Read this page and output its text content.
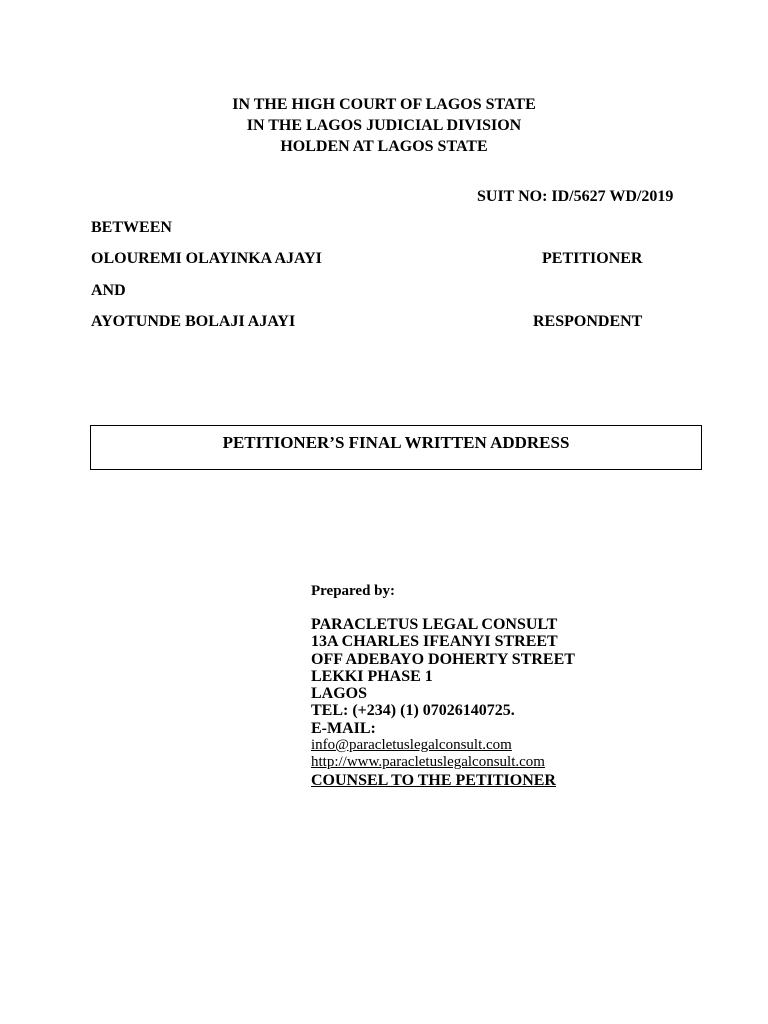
IN THE HIGH COURT OF LAGOS STATE
IN THE LAGOS JUDICIAL DIVISION
HOLDEN AT LAGOS STATE
SUIT NO: ID/5627 WD/2019
BETWEEN
OLOUREMI OLAYINKA AJAYI	PETITIONER
AND
AYOTUNDE BOLAJI AJAYI	RESPONDENT
PETITIONER’S FINAL WRITTEN ADDRESS
Prepared by:
PARACLETUS LEGAL CONSULT
13A CHARLES IFEANYI STREET
OFF ADEBAYO DOHERTY STREET
LEKKI PHASE 1
LAGOS
TEL: (+234) (1) 07026140725.
E-MAIL:
info@paracletuslegalconsult.com
http://www.paracletuslegalconsult.com
COUNSEL TO THE PETITIONER
